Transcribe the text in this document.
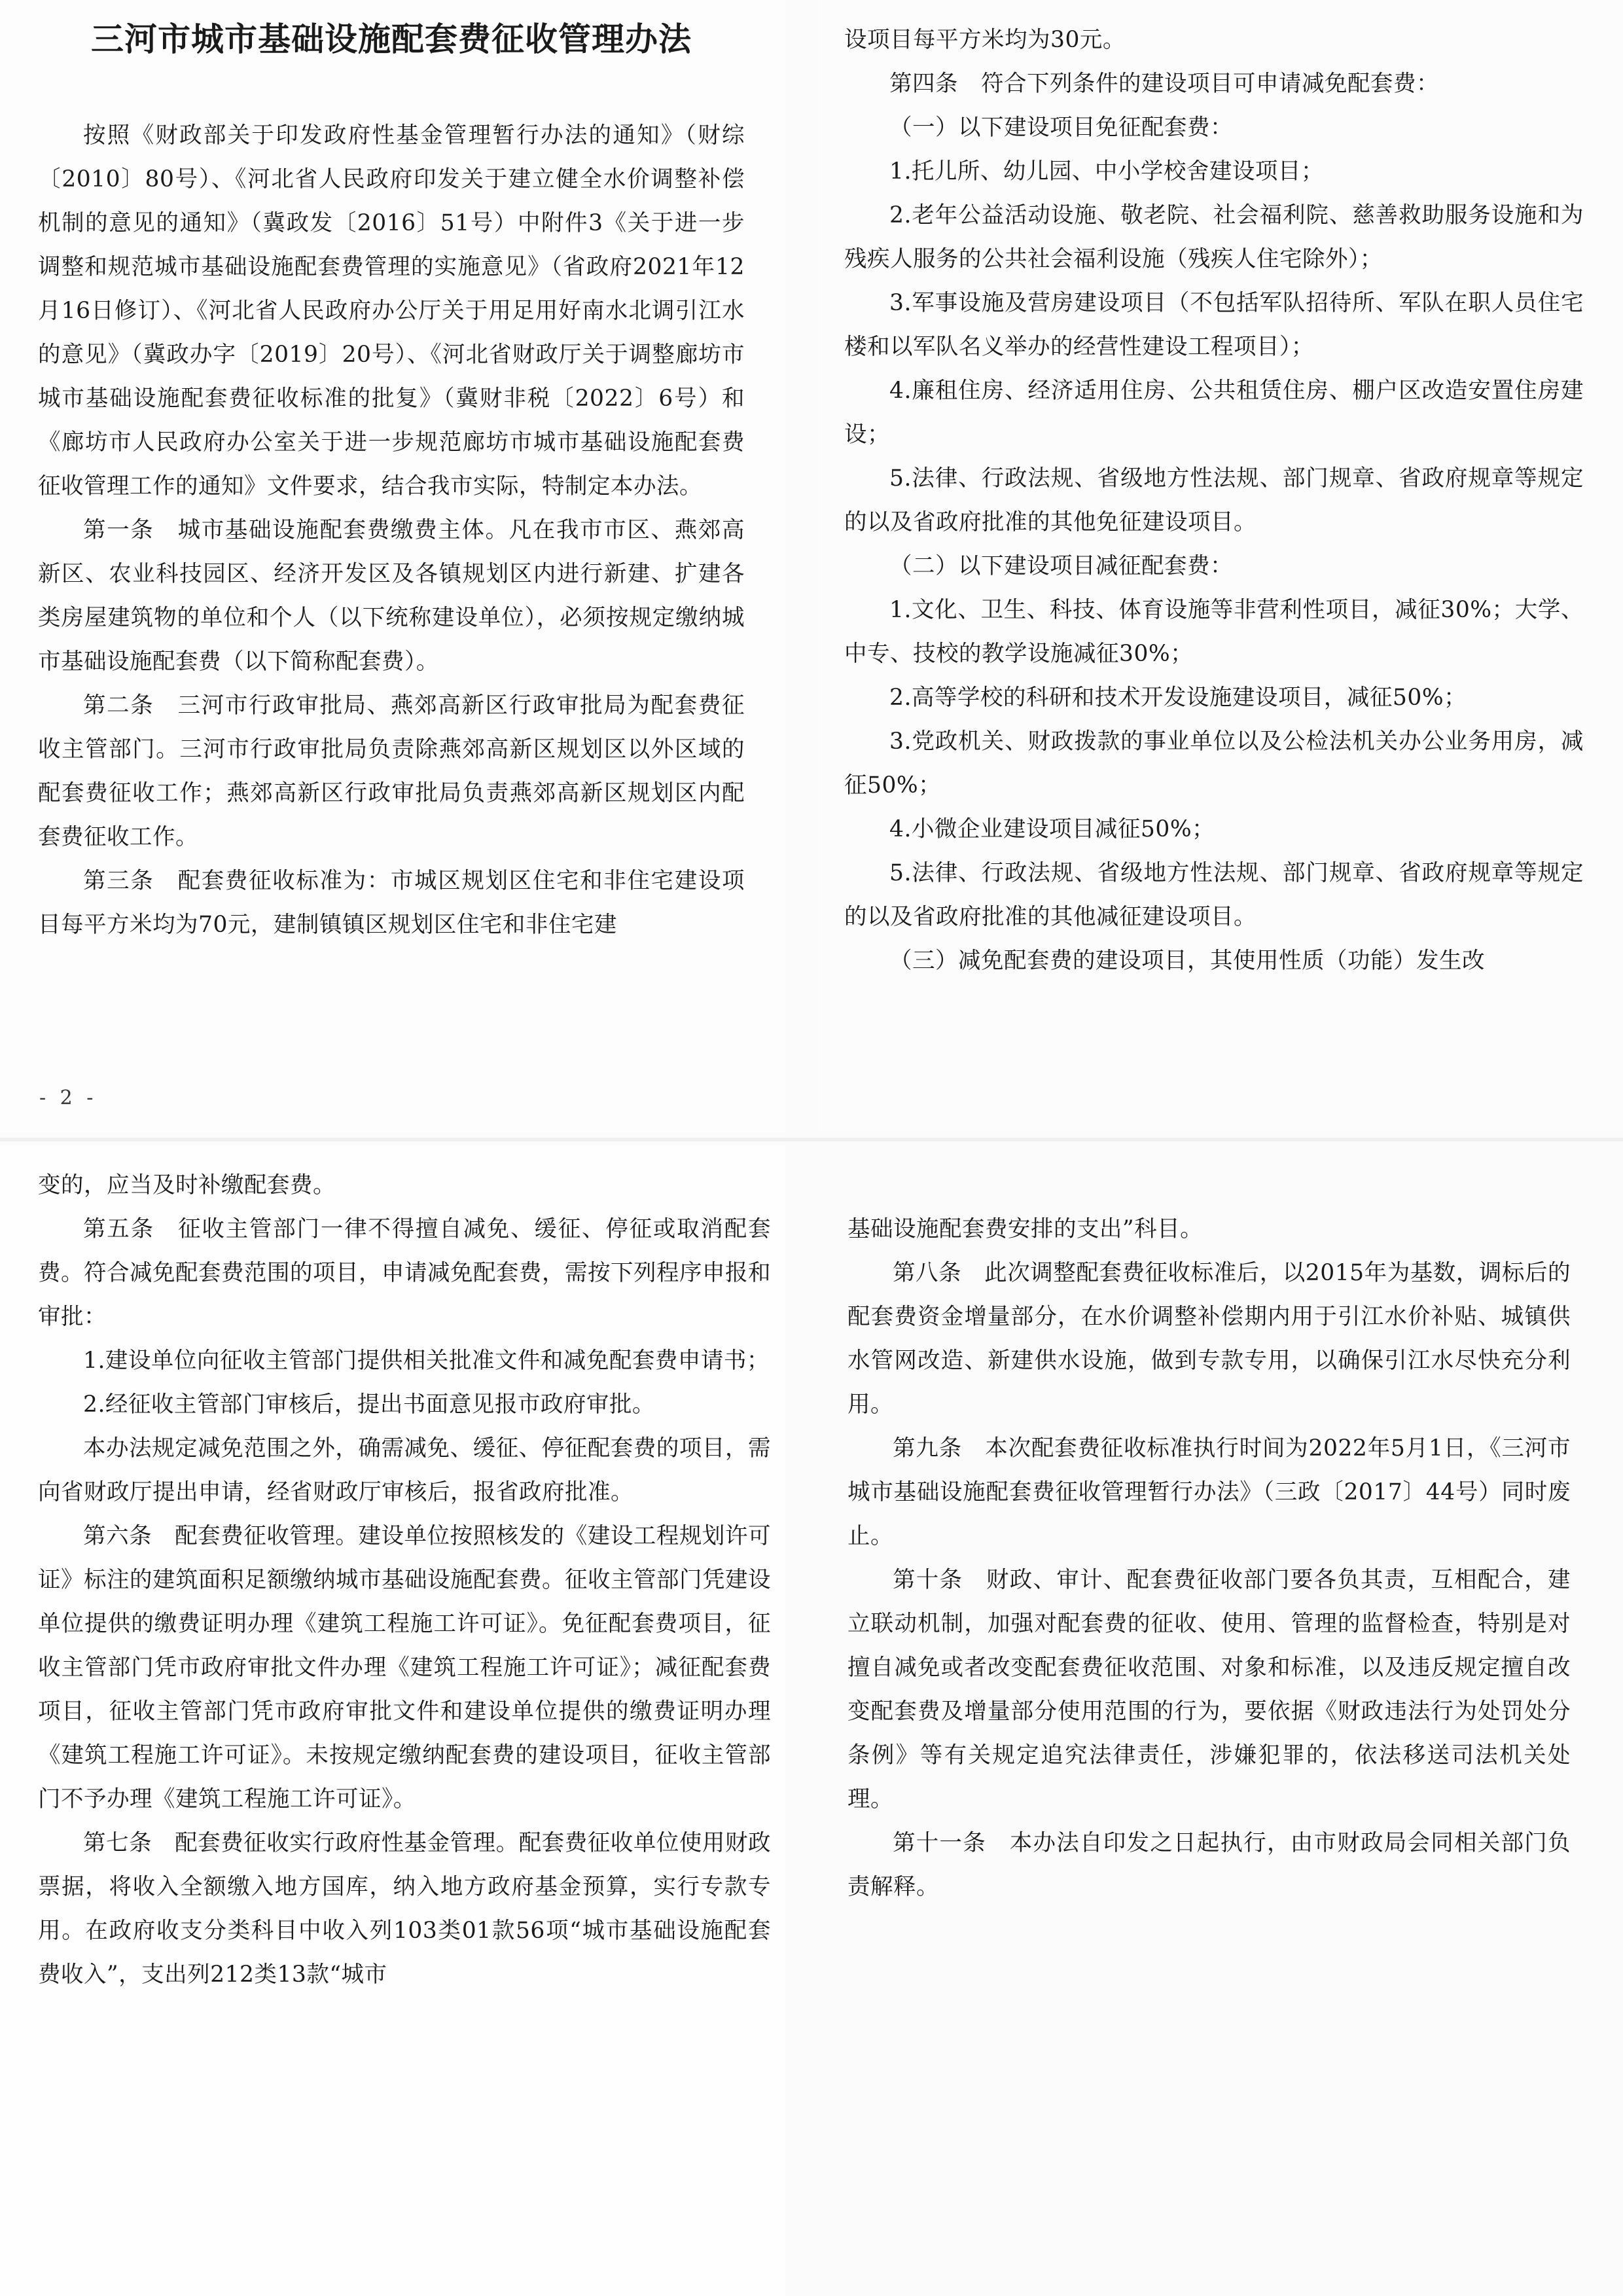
三河市城市基础设施配套费征收管理办法

按照《财政部关于印发政府性基金管理暂行办法的通知》（财综〔2010〕80号）、《河北省人民政府印发关于建立健全水价调整补偿机制的意见的通知》（冀政发〔2016〕51号）中附件3《关于进一步调整和规范城市基础设施配套费管理的实施意见》（省政府2021年12月16日修订）、《河北省人民政府办公厅关于用足用好南水北调引江水的意见》（冀政办字〔2019〕20号）、《河北省财政厅关于调整廊坊市城市基础设施配套费征收标准的批复》（冀财非税〔2022〕6号）和《廊坊市人民政府办公室关于进一步规范廊坊市城市基础设施配套费征收管理工作的通知》文件要求，结合我市实际，特制定本办法。

第一条　城市基础设施配套费缴费主体。凡在我市市区、燕郊高新区、农业科技园区、经济开发区及各镇规划区内进行新建、扩建各类房屋建筑物的单位和个人（以下统称建设单位），必须按规定缴纳城市基础设施配套费（以下简称配套费）。

第二条　三河市行政审批局、燕郊高新区行政审批局为配套费征收主管部门。三河市行政审批局负责除燕郊高新区规划区以外区域的配套费征收工作；燕郊高新区行政审批局负责燕郊高新区规划区内配套费征收工作。

第三条　配套费征收标准为：市城区规划区住宅和非住宅建设项目每平方米均为70元，建制镇镇区规划区住宅和非住宅建

- 2 -

设项目每平方米均为30元。

第四条　符合下列条件的建设项目可申请减免配套费：

（一）以下建设项目免征配套费：

1.托儿所、幼儿园、中小学校舍建设项目；

2.老年公益活动设施、敬老院、社会福利院、慈善救助服务设施和为残疾人服务的公共社会福利设施（残疾人住宅除外）；

3.军事设施及营房建设项目（不包括军队招待所、军队在职人员住宅楼和以军队名义举办的经营性建设工程项目）；

4.廉租住房、经济适用住房、公共租赁住房、棚户区改造安置住房建设；

5.法律、行政法规、省级地方性法规、部门规章、省政府规章等规定的以及省政府批准的其他免征建设项目。

（二）以下建设项目减征配套费：

1.文化、卫生、科技、体育设施等非营利性项目，减征30%；大学、中专、技校的教学设施减征30%；

2.高等学校的科研和技术开发设施建设项目，减征50%；

3.党政机关、财政拨款的事业单位以及公检法机关办公业务用房，减征50%；

4.小微企业建设项目减征50%；

5.法律、行政法规、省级地方性法规、部门规章、省政府规章等规定的以及省政府批准的其他减征建设项目。

（三）减免配套费的建设项目，其使用性质（功能）发生改

变的，应当及时补缴配套费。

第五条　征收主管部门一律不得擅自减免、缓征、停征或取消配套费。符合减免配套费范围的项目，申请减免配套费，需按下列程序申报和审批：

1.建设单位向征收主管部门提供相关批准文件和减免配套费申请书；

2.经征收主管部门审核后，提出书面意见报市政府审批。

本办法规定减免范围之外，确需减免、缓征、停征配套费的项目，需向省财政厅提出申请，经省财政厅审核后，报省政府批准。

第六条　配套费征收管理。建设单位按照核发的《建设工程规划许可证》标注的建筑面积足额缴纳城市基础设施配套费。征收主管部门凭建设单位提供的缴费证明办理《建筑工程施工许可证》。免征配套费项目，征收主管部门凭市政府审批文件办理《建筑工程施工许可证》；减征配套费项目，征收主管部门凭市政府审批文件和建设单位提供的缴费证明办理《建筑工程施工许可证》。未按规定缴纳配套费的建设项目，征收主管部门不予办理《建筑工程施工许可证》。

第七条　配套费征收实行政府性基金管理。配套费征收单位使用财政票据，将收入全额缴入地方国库，纳入地方政府基金预算，实行专款专用。在政府收支分类科目中收入列103类01款56项“城市基础设施配套费收入”，支出列212类13款“城市

基础设施配套费安排的支出”科目。

第八条　此次调整配套费征收标准后，以2015年为基数，调标后的配套费资金增量部分，在水价调整补偿期内用于引江水价补贴、城镇供水管网改造、新建供水设施，做到专款专用，以确保引江水尽快充分利用。

第九条　本次配套费征收标准执行时间为2022年5月1日，《三河市城市基础设施配套费征收管理暂行办法》（三政〔2017〕44号）同时废止。

第十条　财政、审计、配套费征收部门要各负其责，互相配合，建立联动机制，加强对配套费的征收、使用、管理的监督检查，特别是对擅自减免或者改变配套费征收范围、对象和标准，以及违反规定擅自改变配套费及增量部分使用范围的行为，要依据《财政违法行为处罚处分条例》等有关规定追究法律责任，涉嫌犯罪的，依法移送司法机关处理。

第十一条　本办法自印发之日起执行，由市财政局会同相关部门负责解释。
